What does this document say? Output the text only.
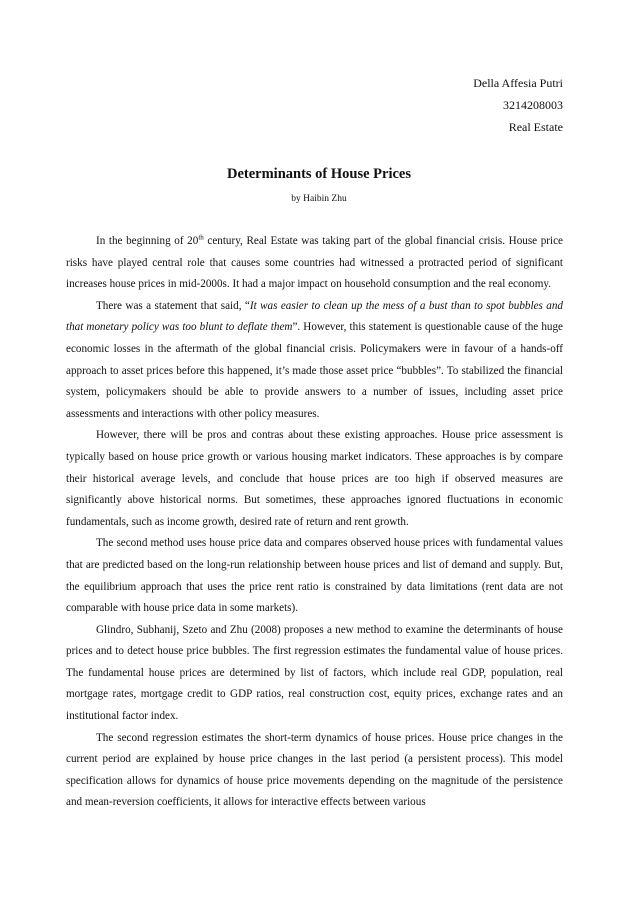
Della Affesia Putri
3214208003
Real Estate
Determinants of House Prices
by Haibin Zhu

In the beginning of 20th century, Real Estate was taking part of the global financial crisis. House price risks have played central role that causes some countries had witnessed a protracted period of significant increases house prices in mid-2000s. It had a major impact on household consumption and the real economy.

There was a statement that said, “It was easier to clean up the mess of a bust than to spot bubbles and that monetary policy was too blunt to deflate them”. However, this statement is questionable cause of the huge economic losses in the aftermath of the global financial crisis. Policymakers were in favour of a hands-off approach to asset prices before this happened, it’s made those asset price “bubbles”. To stabilized the financial system, policymakers should be able to provide answers to a number of issues, including asset price assessments and interactions with other policy measures.

However, there will be pros and contras about these existing approaches. House price assessment is typically based on house price growth or various housing market indicators. These approaches is by compare their historical average levels, and conclude that house prices are too high if observed measures are significantly above historical norms. But sometimes, these approaches ignored fluctuations in economic fundamentals, such as income growth, desired rate of return and rent growth.

The second method uses house price data and compares observed house prices with fundamental values that are predicted based on the long-run relationship between house prices and list of demand and supply. But, the equilibrium approach that uses the price rent ratio is constrained by data limitations (rent data are not comparable with house price data in some markets).

Glindro, Subhanij, Szeto and Zhu (2008) proposes a new method to examine the determinants of house prices and to detect house price bubbles. The first regression estimates the fundamental value of house prices. The fundamental house prices are determined by list of factors, which include real GDP, population, real mortgage rates, mortgage credit to GDP ratios, real construction cost, equity prices, exchange rates and an institutional factor index.

The second regression estimates the short-term dynamics of house prices. House price changes in the current period are explained by house price changes in the last period (a persistent process). This model specification allows for dynamics of house price movements depending on the magnitude of the persistence and mean-reversion coefficients, it allows for interactive effects between various
